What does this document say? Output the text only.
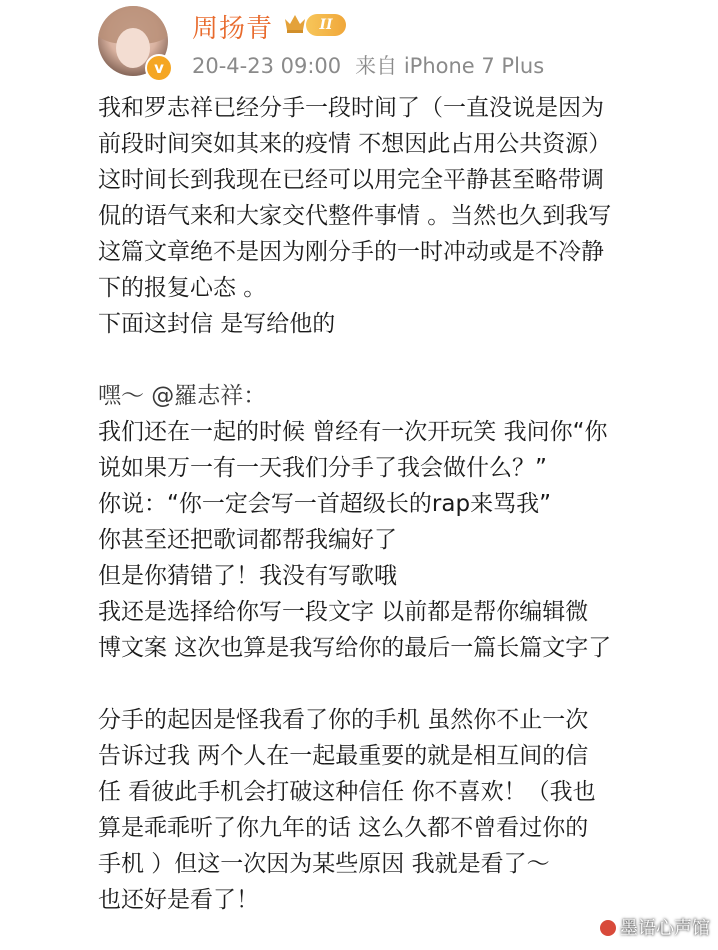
v
周扬青	II
20-4-23 09:00 来自 iPhone 7 Plus
我和罗志祥已经分手一段时间了（一直没说是因为
前段时间突如其来的疫情 不想因此占用公共资源）
这时间长到我现在已经可以用完全平静甚至略带调
侃的语气来和大家交代整件事情 。当然也久到我写
这篇文章绝不是因为刚分手的一时冲动或是不冷静
下的报复心态 。
下面这封信 是写给他的
嘿～ @羅志祥：
我们还在一起的时候 曾经有一次开玩笑 我问你“你
说如果万一有一天我们分手了我会做什么？”
你说：“你一定会写一首超级长的rap来骂我”
你甚至还把歌词都帮我编好了
但是你猜错了！我没有写歌哦
我还是选择给你写一段文字 以前都是帮你编辑微
博文案 这次也算是我写给你的最后一篇长篇文字了
分手的起因是怪我看了你的手机 虽然你不止一次
告诉过我 两个人在一起最重要的就是相互间的信
任 看彼此手机会打破这种信任 你不喜欢！（我也
算是乖乖听了你九年的话 这么久都不曾看过你的
手机 ）但这一次因为某些原因 我就是看了～
也还好是看了！
墨语心声馆
